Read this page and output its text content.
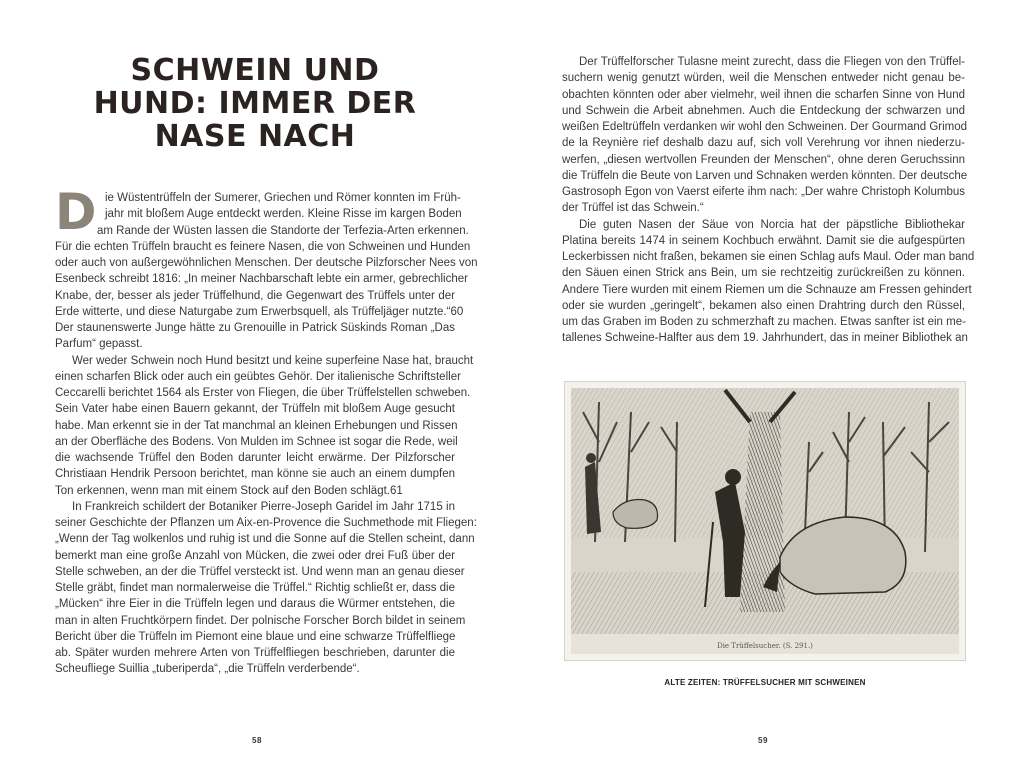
SCHWEIN UND
HUND: IMMER DER
NASE NACH
D ie Wüstentrüffeln der Sumerer, Griechen und Römer konnten im Früh-
jahr mit bloßem Auge entdeckt werden. Kleine Risse im kargen Boden
am Rande der Wüsten lassen die Standorte der Terfezia-Arten erkennen.
Für die echten Trüffeln braucht es feinere Nasen, die von Schweinen und Hunden
oder auch von außergewöhnlichen Menschen. Der deutsche Pilzforscher Nees von
Esenbeck schreibt 1816: „In meiner Nachbarschaft lebte ein armer, gebrechlicher
Knabe, der, besser als jeder Trüffelhund, die Gegenwart des Trüffels unter der
Erde witterte, und diese Naturgabe zum Erwerbsquell, als Trüffeljäger nutzte.“60
Der staunenswerte Junge hätte zu Grenouille in Patrick Süskinds Roman „Das
Parfum“ gepasst.
Wer weder Schwein noch Hund besitzt und keine superfeine Nase hat, braucht
einen scharfen Blick oder auch ein geübtes Gehör. Der italienische Schriftsteller
Ceccarelli berichtet 1564 als Erster von Fliegen, die über Trüffelstellen schweben.
Sein Vater habe einen Bauern gekannt, der Trüffeln mit bloßem Auge gesucht
habe. Man erkennt sie in der Tat manchmal an kleinen Erhebungen und Rissen
an der Oberfläche des Bodens. Von Mulden im Schnee ist sogar die Rede, weil
die wachsende Trüffel den Boden darunter leicht erwärme. Der Pilzforscher
Christiaan Hendrik Persoon berichtet, man könne sie auch an einem dumpfen
Ton erkennen, wenn man mit einem Stock auf den Boden schlägt.61
In Frankreich schildert der Botaniker Pierre-Joseph Garidel im Jahr 1715 in
seiner Geschichte der Pflanzen um Aix-en-Provence die Suchmethode mit Fliegen:
„Wenn der Tag wolkenlos und ruhig ist und die Sonne auf die Stellen scheint, dann
bemerkt man eine große Anzahl von Mücken, die zwei oder drei Fuß über der
Stelle schweben, an der die Trüffel versteckt ist. Und wenn man an genau dieser
Stelle gräbt, findet man normalerweise die Trüffel.“ Richtig schließt er, dass die
„Mücken“ ihre Eier in die Trüffeln legen und daraus die Würmer entstehen, die
man in alten Fruchtkörpern findet. Der polnische Forscher Borch bildet in seinem
Bericht über die Trüffeln im Piemont eine blaue und eine schwarze Trüffelfliege
ab. Später wurden mehrere Arten von Trüffelfliegen beschrieben, darunter die
Scheufliege Suillia „tuberiperda“, „die Trüffeln verderbende“.
58
Der Trüffelforscher Tulasne meint zurecht, dass die Fliegen von den Trüffel-
suchern wenig genutzt würden, weil die Menschen entweder nicht genau be-
obachten könnten oder aber vielmehr, weil ihnen die scharfen Sinne von Hund
und Schwein die Arbeit abnehmen. Auch die Entdeckung der schwarzen und
weißen Edeltrüffeln verdanken wir wohl den Schweinen. Der Gourmand Grimod
de la Reynière rief deshalb dazu auf, sich voll Verehrung vor ihnen niederzu-
werfen, „diesen wertvollen Freunden der Menschen“, ohne deren Geruchssinn
die Trüffeln die Beute von Larven und Schnaken werden könnten. Der deutsche
Gastrosoph Egon von Vaerst eiferte ihm nach: „Der wahre Christoph Kolumbus
der Trüffel ist das Schwein.“
Die guten Nasen der Säue von Norcia hat der päpstliche Bibliothekar
Platina bereits 1474 in seinem Kochbuch erwähnt. Damit sie die aufgespürten
Leckerbissen nicht fraßen, bekamen sie einen Schlag aufs Maul. Oder man band
den Säuen einen Strick ans Bein, um sie rechtzeitig zurückreißen zu können.
Andere Tiere wurden mit einem Riemen um die Schnauze am Fressen gehindert
oder sie wurden „geringelt“, bekamen also einen Drahtring durch den Rüssel,
um das Graben im Boden zu schmerzhaft zu machen. Etwas sanfter ist ein me-
tallenes Schweine-Halfter aus dem 19. Jahrhundert, das in meiner Bibliothek an
Die Trüffelsucher. (S. 291.)
ALTE ZEITEN: TRÜFFELSUCHER MIT SCHWEINEN
59
